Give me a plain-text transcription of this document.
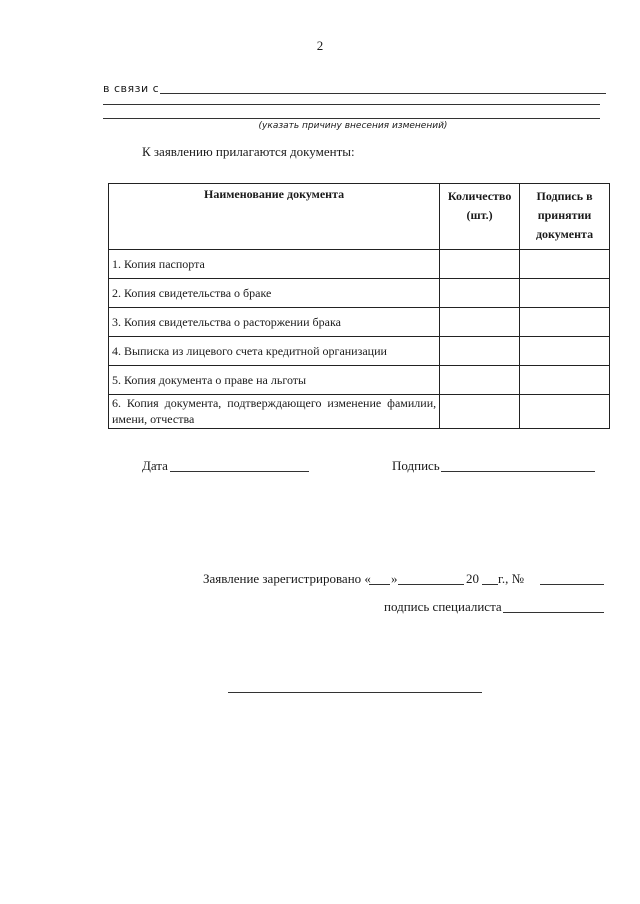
2
в связи с
(указать причину внесения изменений)
К заявлению прилагаются документы:
Наименование документа	Количество (шт.)	Подпись в принятии документа
1. Копия паспорта		
2. Копия свидетельства о браке		
3. Копия свидетельства о расторжении брака		
4. Выписка из лицевого счета кредитной организации		
5. Копия документа о праве на льготы		
6. Копия документа, подтверждающего изменение фамилии, имени, отчества		
Дата	Подпись
Заявление зарегистрировано « »	20 г., №
подпись специалиста
